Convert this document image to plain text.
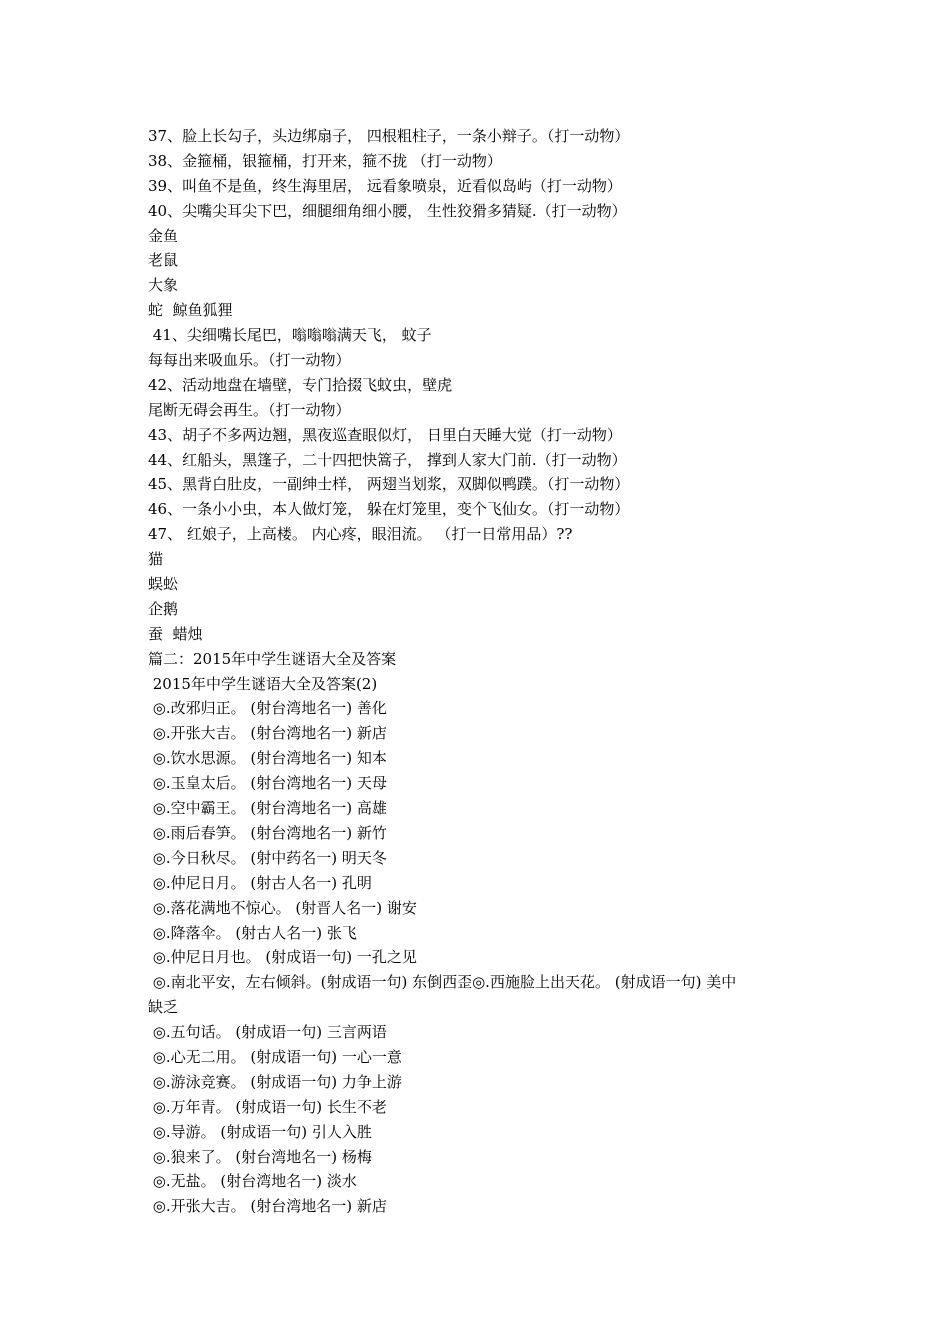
37、脸上长勾子，头边绑扇子， 四根粗柱子，一条小辩子。（打一动物）
38、金箍桶，银箍桶，打开来，箍不拢 （打一动物）
39、叫鱼不是鱼，终生海里居， 远看象喷泉，近看似岛屿（打一动物）
40、尖嘴尖耳尖下巴，细腿细角细小腰， 生性狡猾多猜疑.（打一动物）
金鱼
老鼠
大象
蛇  鲸鱼狐狸
41、尖细嘴长尾巴，嗡嗡嗡满天飞， 蚊子
每每出来吸血乐。（打一动物）
42、活动地盘在墙壁，专门拾掇飞蚊虫，壁虎
尾断无碍会再生。（打一动物）
43、胡子不多两边翘，黑夜巡查眼似灯， 日里白天睡大觉（打一动物）
44、红船头，黑篷子，二十四把快篙子， 撑到人家大门前.（打一动物）
45、黑背白肚皮，一副绅士样， 两翅当划浆，双脚似鸭蹼。（打一动物）
46、一条小小虫，本人做灯笼， 躲在灯笼里，变个飞仙女。（打一动物）
47、 红娘子，上高楼。 内心疼，眼泪流。 （打一日常用品）??
猫
蜈蚣
企鹅
蚕  蜡烛
篇二：2015年中学生谜语大全及答案
2015年中学生谜语大全及答案(2)
◎.改邪归正。 (射台湾地名一) 善化
◎.开张大吉。 (射台湾地名一) 新店
◎.饮水思源。 (射台湾地名一) 知本
◎.玉皇太后。 (射台湾地名一) 天母
◎.空中霸王。 (射台湾地名一) 高雄
◎.雨后春笋。 (射台湾地名一) 新竹
◎.今日秋尽。 (射中药名一) 明天冬
◎.仲尼日月。 (射古人名一) 孔明
◎.落花满地不惊心。 (射晋人名一) 谢安
◎.降落伞。 (射古人名一) 张飞
◎.仲尼日月也。 (射成语一句) 一孔之见
◎.南北平安，左右倾斜。(射成语一句) 东倒西歪◎.西施脸上出天花。 (射成语一句) 美中
缺乏
◎.五句话。 (射成语一句) 三言两语
◎.心无二用。 (射成语一句) 一心一意
◎.游泳竞赛。 (射成语一句) 力争上游
◎.万年青。 (射成语一句) 长生不老
◎.导游。 (射成语一句) 引人入胜
◎.狼来了。 (射台湾地名一) 杨梅
◎.无盐。 (射台湾地名一) 淡水
◎.开张大吉。 (射台湾地名一) 新店
